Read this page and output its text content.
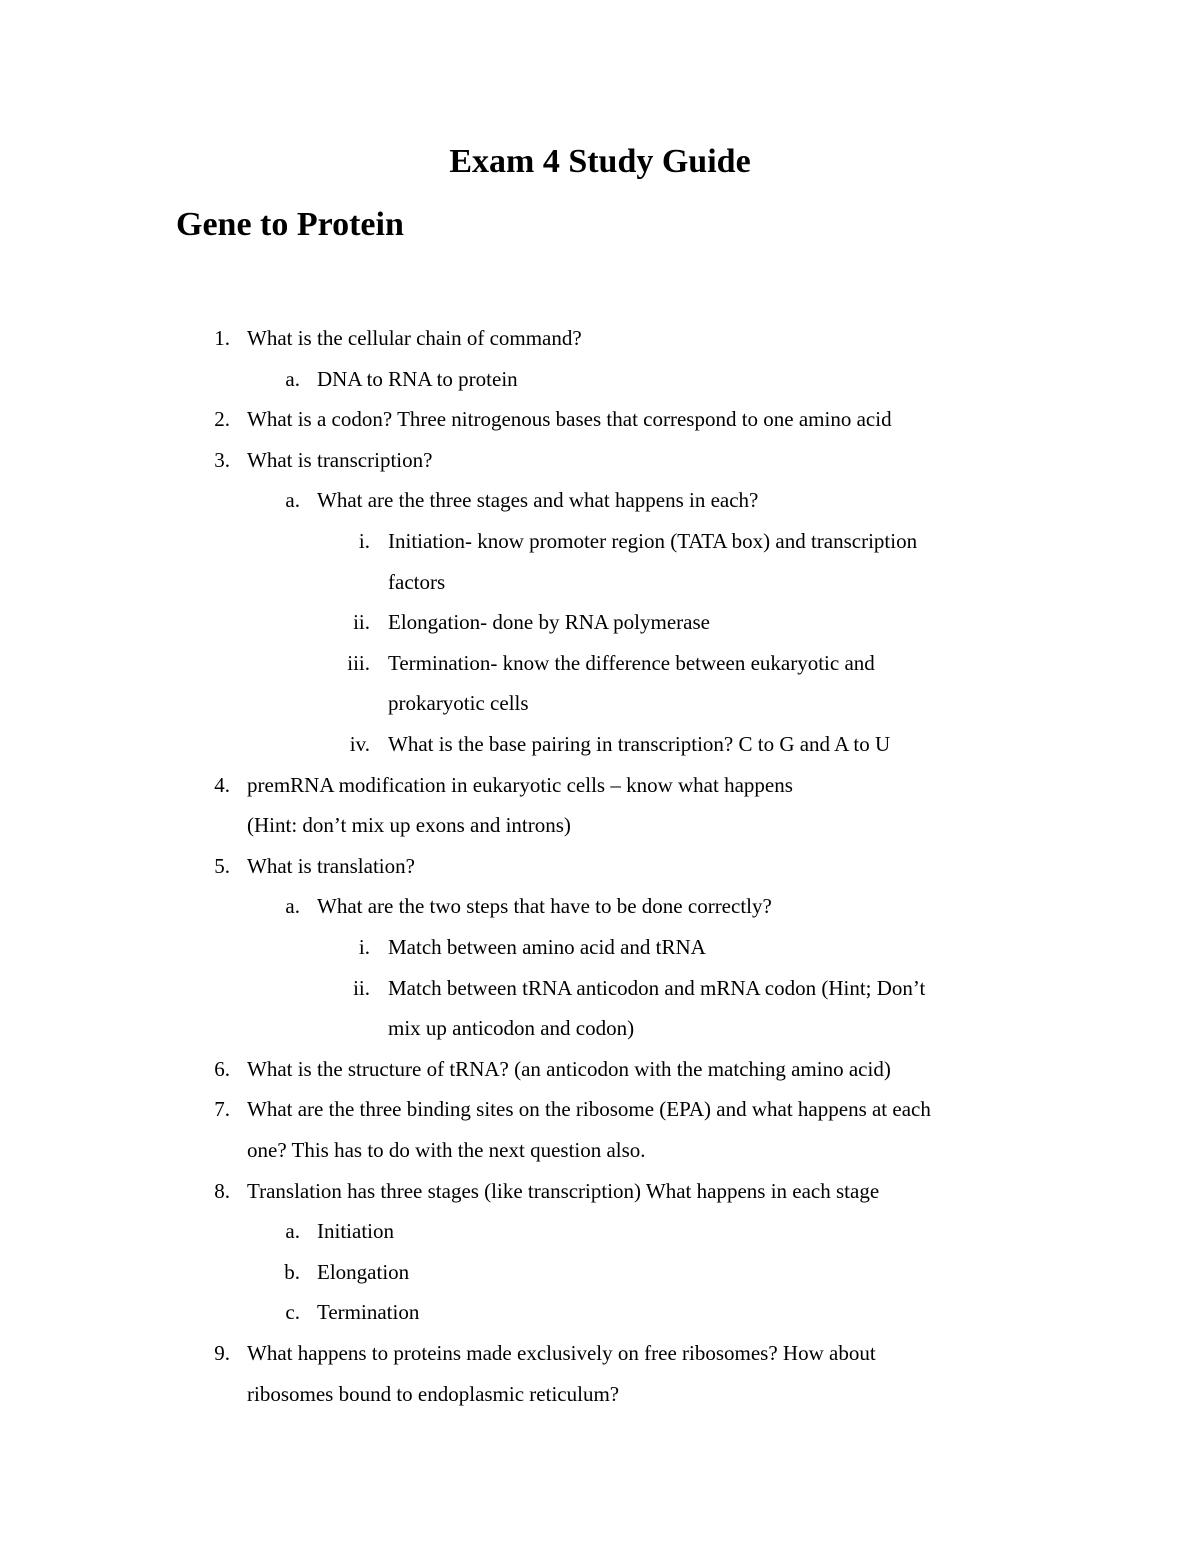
Exam 4 Study Guide
Gene to Protein
1. What is the cellular chain of command?
a. DNA to RNA to protein
2. What is a codon? Three nitrogenous bases that correspond to one amino acid
3. What is transcription?
a. What are the three stages and what happens in each?
i. Initiation- know promoter region (TATA box) and transcription
factors
ii. Elongation- done by RNA polymerase
iii. Termination- know the difference between eukaryotic and
prokaryotic cells
iv. What is the base pairing in transcription? C to G and A to U
4. premRNA modification in eukaryotic cells – know what happens
(Hint: don’t mix up exons and introns)
5. What is translation?
a. What are the two steps that have to be done correctly?
i. Match between amino acid and tRNA
ii. Match between tRNA anticodon and mRNA codon (Hint; Don’t
mix up anticodon and codon)
6. What is the structure of tRNA? (an anticodon with the matching amino acid)
7. What are the three binding sites on the ribosome (EPA) and what happens at each
one? This has to do with the next question also.
8. Translation has three stages (like transcription) What happens in each stage
a. Initiation
b. Elongation
c. Termination
9. What happens to proteins made exclusively on free ribosomes? How about
ribosomes bound to endoplasmic reticulum?
